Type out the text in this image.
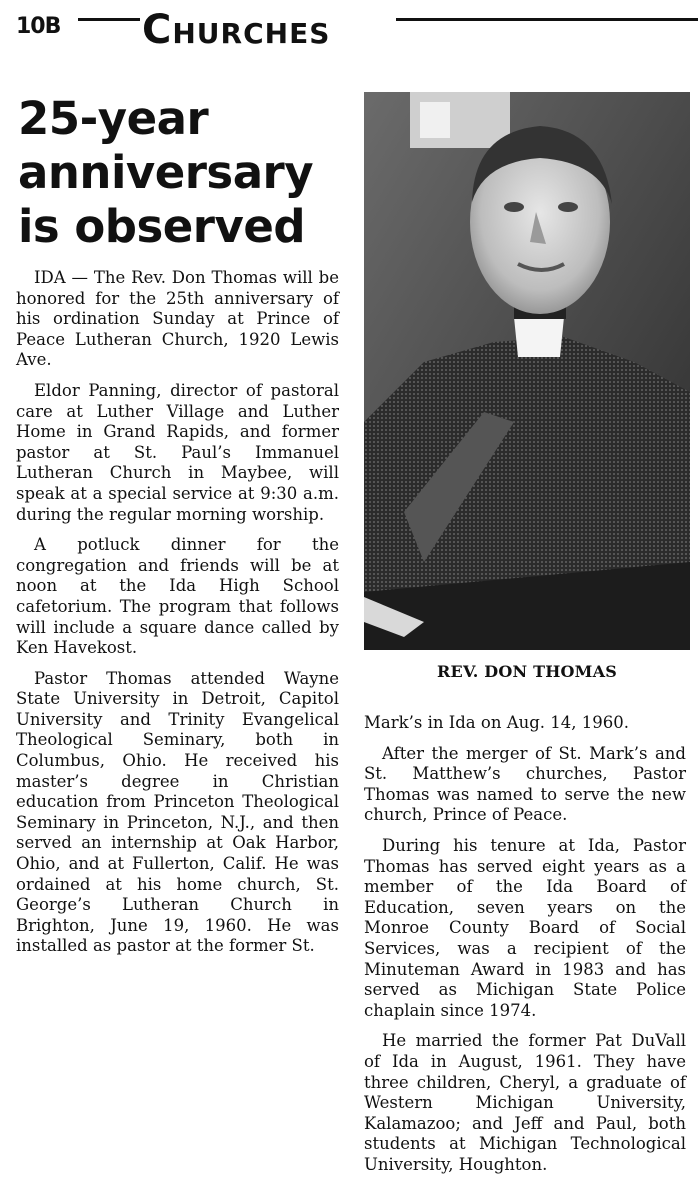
10B Churches
25-year anniversary is observed

IDA — The Rev. Don Thomas will be honored for the 25th anniversary of his ordination Sunday at Prince of Peace Lutheran Church, 1920 Lewis Ave.

Eldor Panning, director of pastoral care at Luther Village and Luther Home in Grand Rapids, and former pastor at St. Paul’s Immanuel Lutheran Church in Maybee, will speak at a special service at 9:30 a.m. during the regular morning worship.

A potluck dinner for the congregation and friends will be at noon at the Ida High School cafetorium. The program that follows will include a square dance called by Ken Havekost.

Pastor Thomas attended Wayne State University in Detroit, Capitol University and Trinity Evangelical Theological Seminary, both in Columbus, Ohio. He received his master’s degree in Christian education from Princeton Theological Seminary in Princeton, N.J., and then served an internship at Oak Harbor, Ohio, and at Fullerton, Calif. He was ordained at his home church, St. George’s Lutheran Church in Brighton, June 19, 1960. He was installed as pastor at the former St.

REV. DON THOMAS

Mark’s in Ida on Aug. 14, 1960.

After the merger of St. Mark’s and St. Matthew’s churches, Pastor Thomas was named to serve the new church, Prince of Peace.

During his tenure at Ida, Pastor Thomas has served eight years as a member of the Ida Board of Education, seven years on the Monroe County Board of Social Services, was a recipient of the Minuteman Award in 1983 and has served as Michigan State Police chaplain since 1974.

He married the former Pat DuVall of Ida in August, 1961. They have three children, Cheryl, a graduate of Western Michigan University, Kalamazoo; and Jeff and Paul, both students at Michigan Technological University, Houghton.
